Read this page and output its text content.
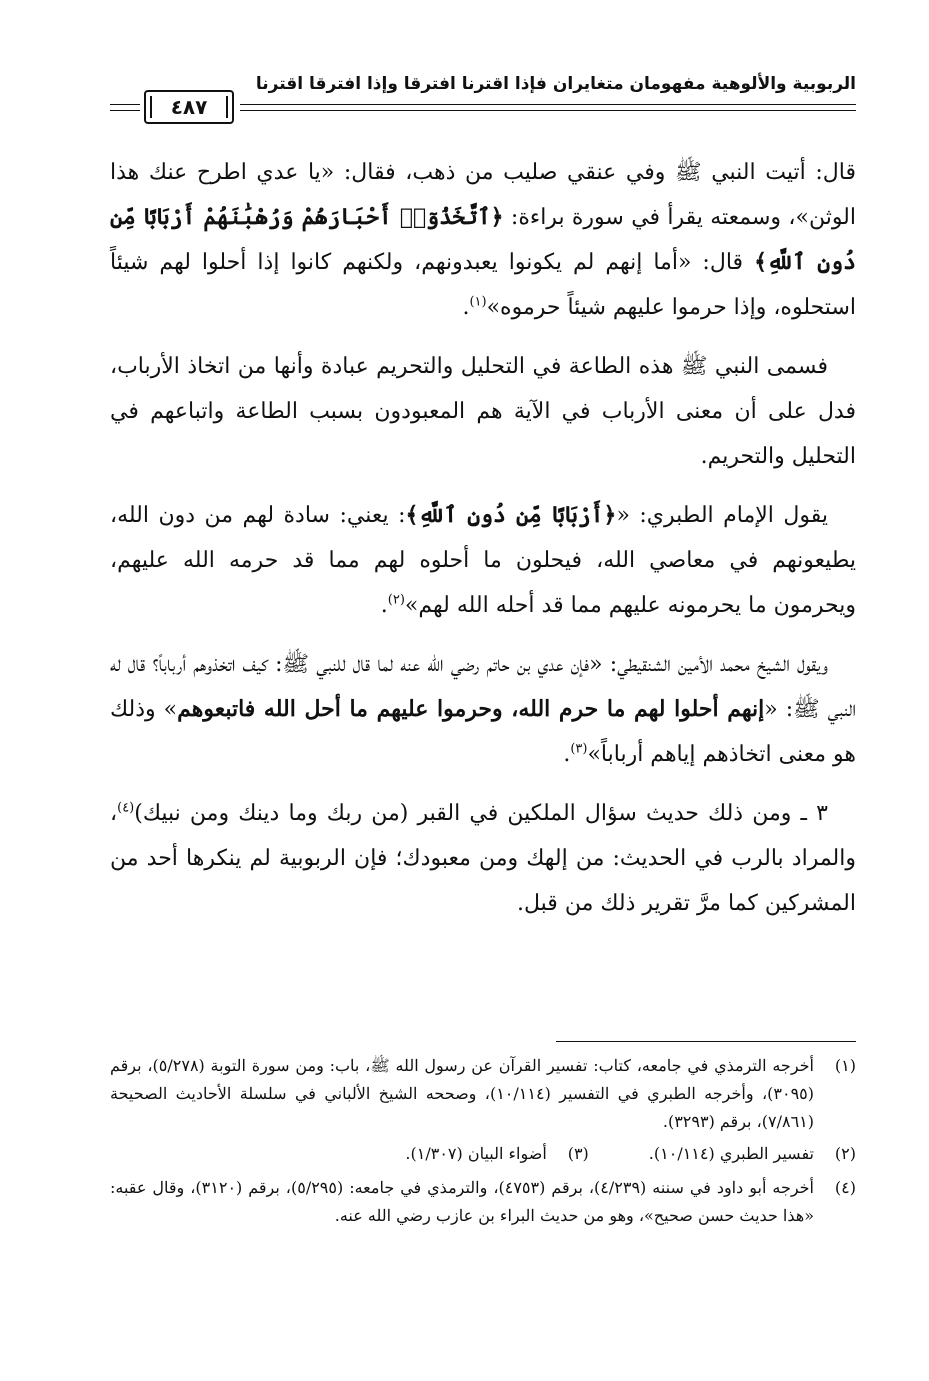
الربوبية والألوهية مفهومان متغايران فإذا اقترنا افترقا وإذا افترقا اقترنا
٤٨٧

قال: أتيت النبي ﷺ وفي عنقي صليب من ذهب، فقال: «يا عدي اطرح عنك هذا الوثن»، وسمعته يقرأ في سورة براءة: ﴿ٱتَّخَذُوٓا۟ أَحْبَارَهُمْ وَرُهْبَٰنَهُمْ أَرْبَابًا مِّن دُونِ ٱللَّهِ﴾ قال: «أما إنهم لم يكونوا يعبدونهم، ولكنهم كانوا إذا أحلوا لهم شيئاً استحلوه، وإذا حرموا عليهم شيئاً حرموه»$^{(١)}$.

فسمى النبي ﷺ هذه الطاعة في التحليل والتحريم عبادة وأنها من اتخاذ الأرباب، فدل على أن معنى الأرباب في الآية هم المعبودون بسبب الطاعة واتباعهم في التحليل والتحريم.

يقول الإمام الطبري: «﴿أَرْبَابًا مِّن دُونِ ٱللَّهِ﴾: يعني: سادة لهم من دون الله، يطيعونهم في معاصي الله، فيحلون ما أحلوه لهم مما قد حرمه الله عليهم، ويحرمون ما يحرمونه عليهم مما قد أحله الله لهم»$^{(٢)}$.

ويقول الشيخ محمد الأمين الشنقيطي: «فإن عدي بن حاتم رضي الله عنه لما قال للنبي ﷺ: كيف اتخذوهم أرباباً؟ قال له النبي ﷺ: «إنهم أحلوا لهم ما حرم الله، وحرموا عليهم ما أحل الله فاتبعوهم» وذلك هو معنى اتخاذهم إياهم أرباباً»$^{(٣)}$.

٣ ـ ومن ذلك حديث سؤال الملكين في القبر (من ربك وما دينك ومن نبيك)$^{(٤)}$، والمراد بالرب في الحديث: من إلهك ومن معبودك؛ فإن الربوبية لم ينكرها أحد من المشركين كما مرَّ تقرير ذلك من قبل.

(١)
أخرجه الترمذي في جامعه، كتاب: تفسير القرآن عن رسول الله ﷺ، باب: ومن سورة التوبة (٥/٢٧٨)، برقم (٣٠٩٥)، وأخرجه الطبري في التفسير (١٠/١١٤)، وصححه الشيخ الألباني في سلسلة الأحاديث الصحيحة (٧/٨٦١)، برقم (٣٢٩٣).
(٢)
تفسير الطبري (١٠/١١٤).
(٣)
أضواء البيان (١/٣٠٧).
(٤)
أخرجه أبو داود في سننه (٤/٢٣٩)، برقم (٤٧٥٣)، والترمذي في جامعه: (٥/٢٩٥)، برقم (٣١٢٠)، وقال عقبه: «هذا حديث حسن صحيح»، وهو من حديث البراء بن عازب رضي الله عنه.
